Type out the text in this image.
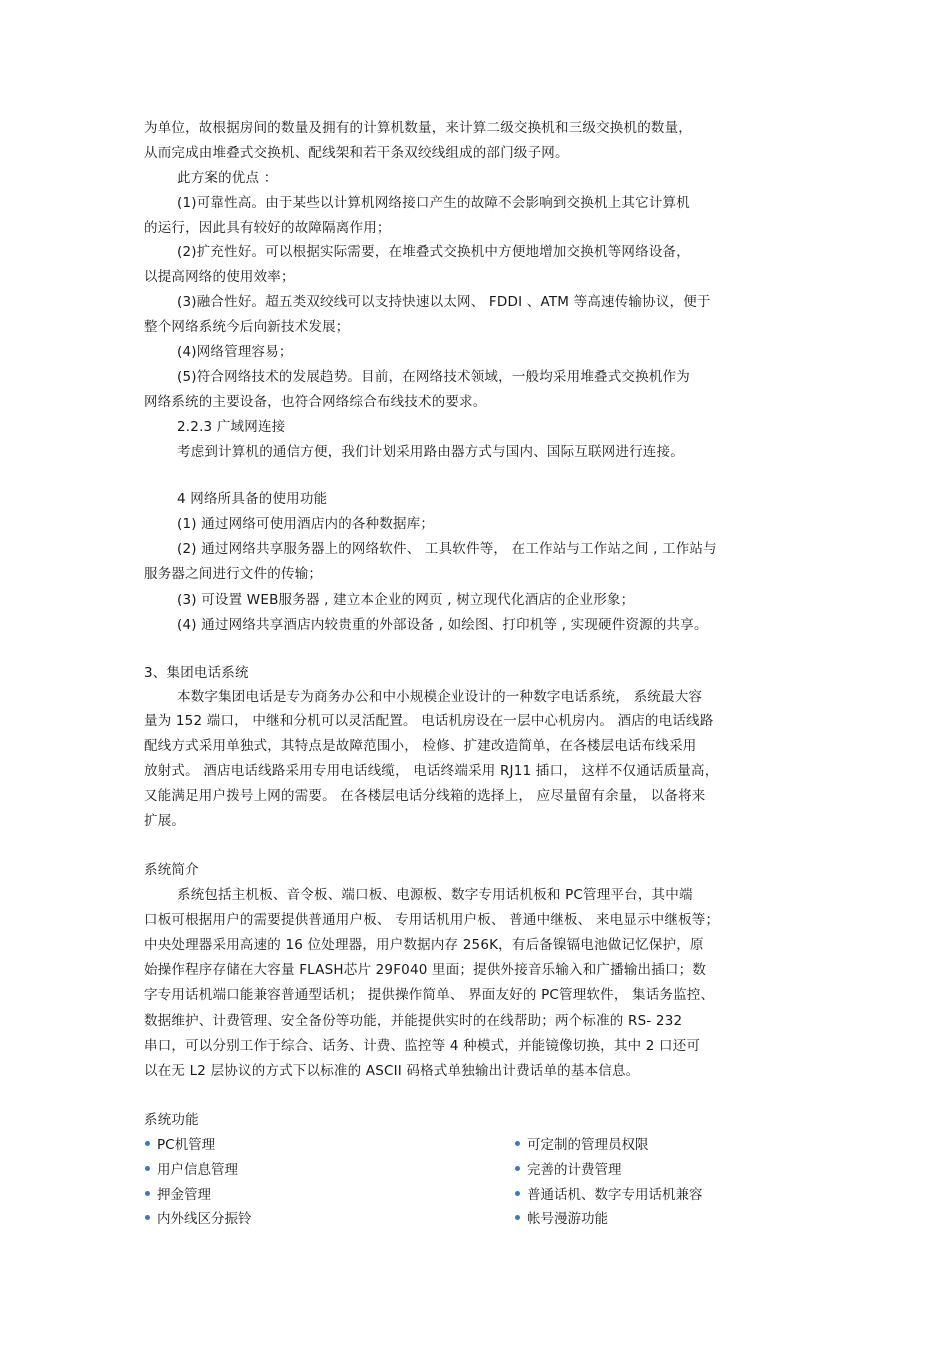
为单位，故根据房间的数量及拥有的计算机数量，来计算二级交换机和三级交换机的数量，
从而完成由堆叠式交换机、配线架和若干条双绞线组成的部门级子网。
此方案的优点 ：
(1)可靠性高。由于某些以计算机网络接口产生的故障不会影响到交换机上其它计算机
的运行，因此具有较好的故障隔离作用；
(2)扩充性好。可以根据实际需要，在堆叠式交换机中方便地增加交换机等网络设备，
以提高网络的使用效率；
(3)融合性好。超五类双绞线可以支持快速以太网、 FDDI 、ATM 等高速传输协议，便于
整个网络系统今后向新技术发展；
(4)网络管理容易；
(5)符合网络技术的发展趋势。目前，在网络技术领域，一般均采用堆叠式交换机作为
网络系统的主要设备，也符合网络综合布线技术的要求。
2.2.3 广域网连接
考虑到计算机的通信方便，我们计划采用路由器方式与国内、国际互联网进行连接。
4 网络所具备的使用功能
(1) 通过网络可使用酒店内的各种数据库；
(2) 通过网络共享服务器上的网络软件、 工具软件等， 在工作站与工作站之间 , 工作站与
服务器之间进行文件的传输；
(3) 可设置 WEB服务器 , 建立本企业的网页 , 树立现代化酒店的企业形象；
(4) 通过网络共享酒店内较贵重的外部设备 , 如绘图、打印机等 , 实现硬件资源的共享。
3、集团电话系统
本数字集团电话是专为商务办公和中小规模企业设计的一种数字电话系统， 系统最大容
量为 152 端口， 中继和分机可以灵活配置。 电话机房设在一层中心机房内。 酒店的电话线路
配线方式采用单独式，其特点是故障范围小， 检修、扩建改造简单，在各楼层电话布线采用
放射式。 酒店电话线路采用专用电话线缆， 电话终端采用 RJ11 插口， 这样不仅通话质量高，
又能满足用户拨号上网的需要。 在各楼层电话分线箱的选择上， 应尽量留有余量， 以备将来
扩展。
系统简介
系统包括主机板、音令板、端口板、电源板、数字专用话机板和 PC管理平台，其中端
口板可根据用户的需要提供普通用户板、 专用话机用户板、 普通中继板、 来电显示中继板等；
中央处理器采用高速的 16 位处理器，用户数据内存 256K，有后备镍镉电池做记忆保护，原
始操作程序存储在大容量 FLASH芯片 29F040 里面；提供外接音乐输入和广播输出插口；数
字专用话机端口能兼容普通型话机； 提供操作简单、 界面友好的 PC管理软件， 集话务监控、
数据维护、计费管理、安全备份等功能，并能提供实时的在线帮助；两个标准的 RS- 232
串口，可以分别工作于综合、话务、计费、监控等 4 种模式，并能镜像切换，其中 2 口还可
以在无 L2 层协议的方式下以标准的 ASCII 码格式单独输出计费话单的基本信息。
系统功能
PC机管理
用户信息管理
押金管理
内外线区分振铃
可定制的管理员权限
完善的计费管理
普通话机、数字专用话机兼容
帐号漫游功能
